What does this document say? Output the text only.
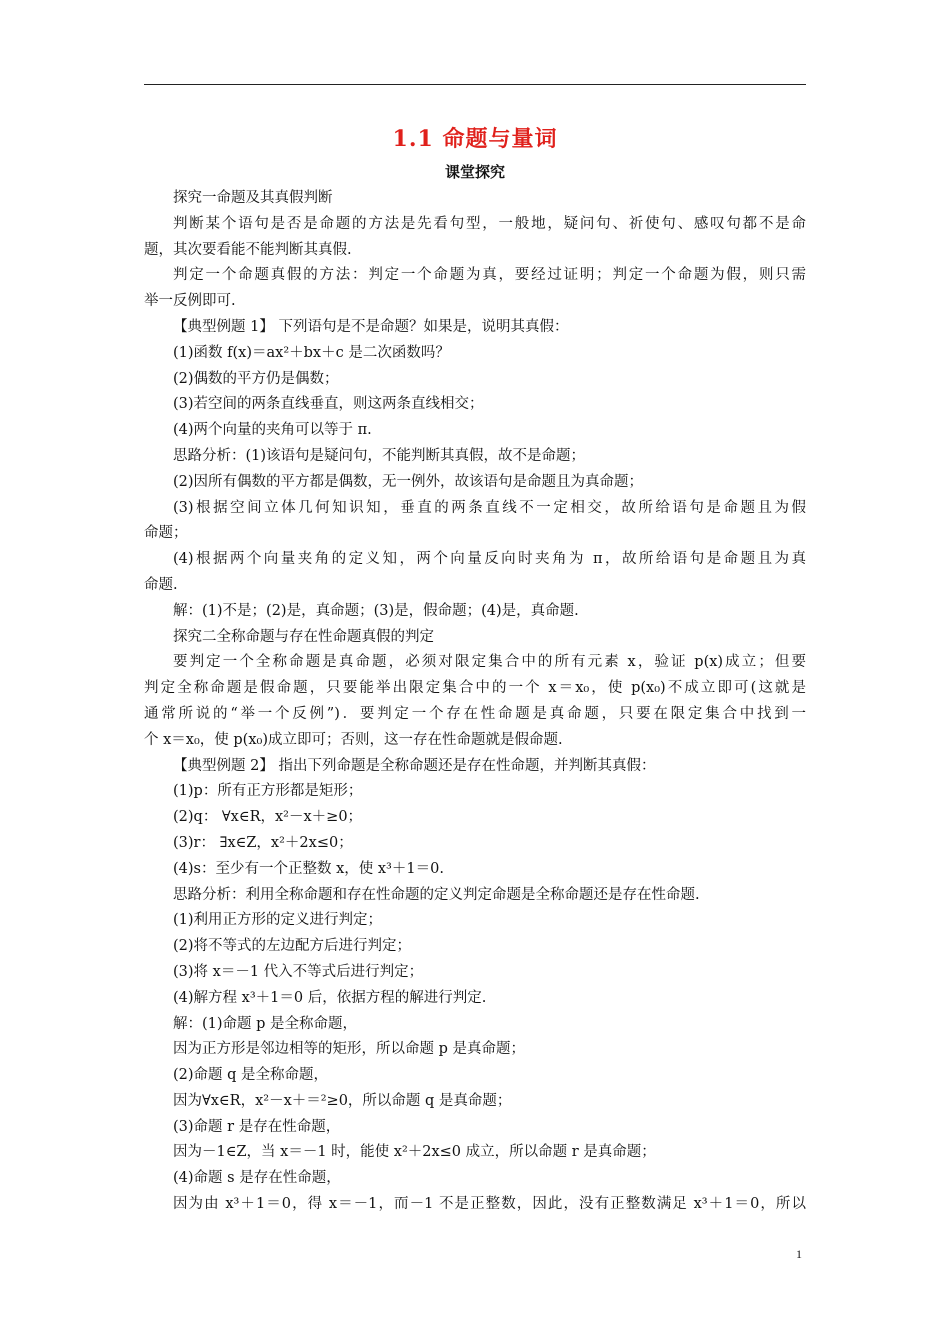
1.1 命题与量词
课堂探究
探究一命题及其真假判断
判断某个语句是否是命题的方法是先看句型，一般地，疑问句、祈使句、感叹句都不是命
题，其次要看能不能判断其真假.
判定一个命题真假的方法：判定一个命题为真，要经过证明；判定一个命题为假，则只需
举一反例即可.
【典型例题 1】 下列语句是不是命题？如果是，说明其真假：
(1)函数 f(x)＝ax²＋bx＋c 是二次函数吗？
(2)偶数的平方仍是偶数；
(3)若空间的两条直线垂直，则这两条直线相交；
(4)两个向量的夹角可以等于 π.
思路分析：(1)该语句是疑问句，不能判断其真假，故不是命题；
(2)因所有偶数的平方都是偶数，无一例外，故该语句是命题且为真命题；
(3)根据空间立体几何知识知，垂直的两条直线不一定相交，故所给语句是命题且为假
命题；
(4)根据两个向量夹角的定义知，两个向量反向时夹角为 π，故所给语句是命题且为真
命题.
解：(1)不是；(2)是，真命题；(3)是，假命题；(4)是，真命题.
探究二全称命题与存在性命题真假的判定
要判定一个全称命题是真命题，必须对限定集合中的所有元素 x，验证 p(x)成立；但要
判定全称命题是假命题，只要能举出限定集合中的一个 x＝x₀，使 p(x₀)不成立即可(这就是
通常所说的“举一个反例”)．要判定一个存在性命题是真命题，只要在限定集合中找到一
个 x＝x₀，使 p(x₀)成立即可；否则，这一存在性命题就是假命题.
【典型例题 2】 指出下列命题是全称命题还是存在性命题，并判断其真假：
(1)p：所有正方形都是矩形；
(2)q： ∀x∈R，x²－x＋≥0；
(3)r： ∃x∈Z，x²＋2x≤0；
(4)s：至少有一个正整数 x，使 x³＋1＝0.
思路分析：利用全称命题和存在性命题的定义判定命题是全称命题还是存在性命题.
(1)利用正方形的定义进行判定；
(2)将不等式的左边配方后进行判定；
(3)将 x＝－1 代入不等式后进行判定；
(4)解方程 x³＋1＝0 后，依据方程的解进行判定.
解：(1)命题 p 是全称命题，
因为正方形是邻边相等的矩形，所以命题 p 是真命题；
(2)命题 q 是全称命题，
因为∀x∈R，x²－x＋＝²≥0，所以命题 q 是真命题；
(3)命题 r 是存在性命题，
因为－1∈Z，当 x＝－1 时，能使 x²＋2x≤0 成立，所以命题 r 是真命题；
(4)命题 s 是存在性命题，
因为由 x³＋1＝0，得 x＝－1，而－1 不是正整数，因此，没有正整数满足 x³＋1＝0，所以
1
